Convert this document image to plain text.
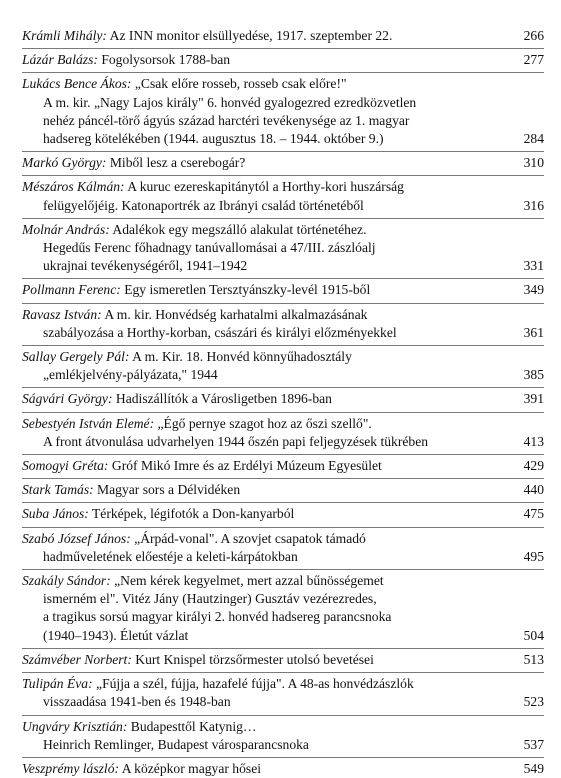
Krámli Mihály: Az INN monitor elsüllyedése, 1917. szeptember 22.	266
Lázár Balázs: Fogolysorsok 1788-ban	277
Lukács Bence Ákos: „Csak előre rosseb, rosseb csak előre!"
A m. kir. „Nagy Lajos király" 6. honvéd gyalogezred ezredközvetlen
nehéz páncél-törő ágyús század harctéri tevékenysége az 1. magyar
hadsereg kötelékében (1944. augusztus 18. – 1944. október 9.)	284
Markó György: Miből lesz a cserebogár?	310
Mészáros Kálmán: A kuruc ezereskapitánytól a Horthy-kori huszárság
felügyelőjéig. Katonaportrék az Ibrányi család történetéből	316
Molnár András: Adalékok egy megszálló alakulat történetéhez.
Hegedűs Ferenc főhadnagy tanúvallomásai a 47/III. zászlóalj
ukrajnai tevékenységéről, 1941–1942	331
Pollmann Ferenc: Egy ismeretlen Tersztyánszky-levél 1915-ből	349
Ravasz István: A m. kir. Honvédség karhatalmi alkalmazásának
szabályozása a Horthy-korban, császári és királyi előzményekkel	361
Sallay Gergely Pál: A m. Kir. 18. Honvéd könnyűhadosztály
„emlékjelvény-pályázata," 1944	385
Ságvári György: Hadiszállítók a Városligetben 1896-ban	391
Sebestyén István Elemé: „Égő pernye szagot hoz az őszi szellő".
A front átvonulása udvarhelyen 1944 őszén papi feljegyzések tükrében	413
Somogyi Gréta: Gróf Mikó Imre és az Erdélyi Múzeum Egyesület	429
Stark Tamás: Magyar sors a Délvidéken	440
Suba János: Térképek, légifotók a Don-kanyarból	475
Szabó József János: „Árpád-vonal". A szovjet csapatok támadó
hadműveletének előestéje a keleti-kárpátokban	495
Szakály Sándor: „Nem kérek kegyelmet, mert azzal bűnösségemet
ismerném el". Vitéz Jány (Hautzinger) Gusztáv vezérezredes,
a tragikus sorsú magyar királyi 2. honvéd hadsereg parancsnoka
(1940–1943). Életút vázlat	504
Számvéber Norbert: Kurt Knispel törzsőrmester utolsó bevetései	513
Tulipán Éva: „Fújja a szél, fújja, hazafelé fújja". A 48-as honvédzászlók
visszaadása 1941-ben és 1948-ban	523
Ungváry Krisztián: Budapesttől Katynig…
Heinrich Remlinger, Budapest városparancsnoka	537
Veszprémy lászló: A középkor magyar hősei	549
